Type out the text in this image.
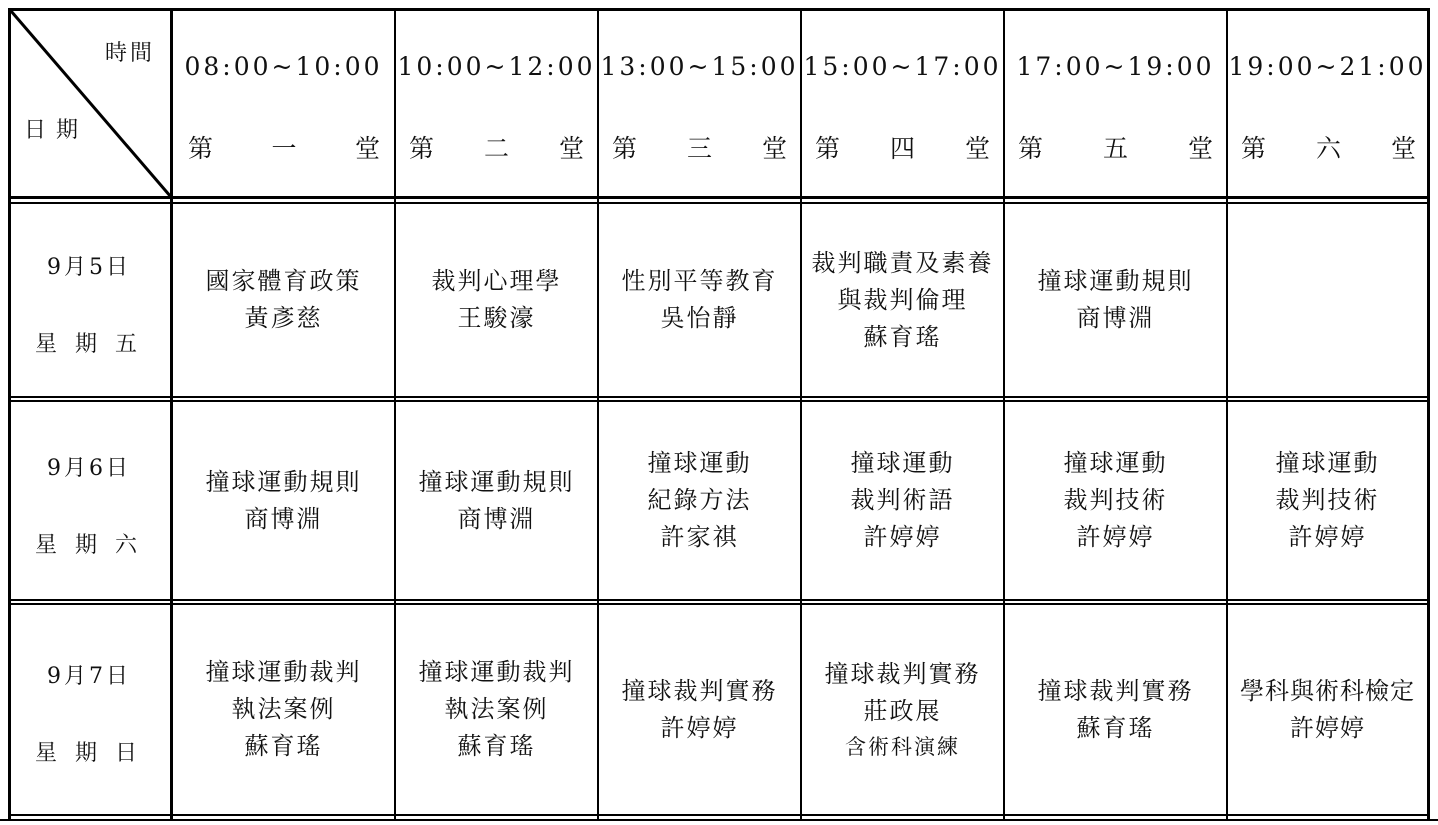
時間
日期
08:00~10:00 10:00~12:00 13:00~15:00 15:00~17:00 17:00~19:00 19:00~21:00
第 一 堂 第 二 堂 第 三 堂 第 四 堂 第 五 堂 第 六 堂
9月5日
星期五
9月6日
星期六
9月7日
星期日
國家體育政策
黃彥慈
裁判心理學
王駿濠
性別平等教育
吳怡靜
裁判職責及素養
與裁判倫理
蘇育瑤
撞球運動規則
商博淵
撞球運動規則
商博淵
撞球運動規則
商博淵
撞球運動
紀錄方法
許家祺
撞球運動
裁判術語
許婷婷
撞球運動
裁判技術
許婷婷
撞球運動
裁判技術
許婷婷
撞球運動裁判
執法案例
蘇育瑤
撞球運動裁判
執法案例
蘇育瑤
撞球裁判實務
許婷婷
撞球裁判實務
莊政展
含術科演練
撞球裁判實務
蘇育瑤
學科與術科檢定
許婷婷
